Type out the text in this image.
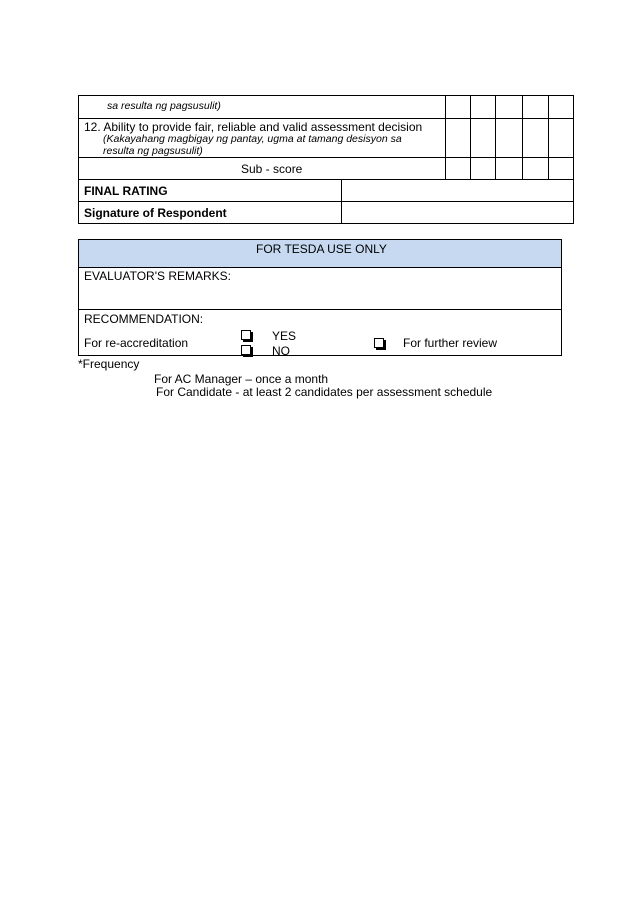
sa resulta ng pagsusulit)
12. Ability to provide fair, reliable and valid assessment decision
(Kakayahang magbigay ng pantay, ugma at tamang desisyon sa
resulta ng pagsusulit)
Sub - score
FINAL RATING
Signature of Respondent
FOR TESDA USE ONLY
EVALUATOR'S REMARKS:
RECOMMENDATION:
For re-accreditation	YES
NO
For further review
*Frequency
For AC Manager – once a month
For Candidate - at least 2 candidates per assessment schedule
